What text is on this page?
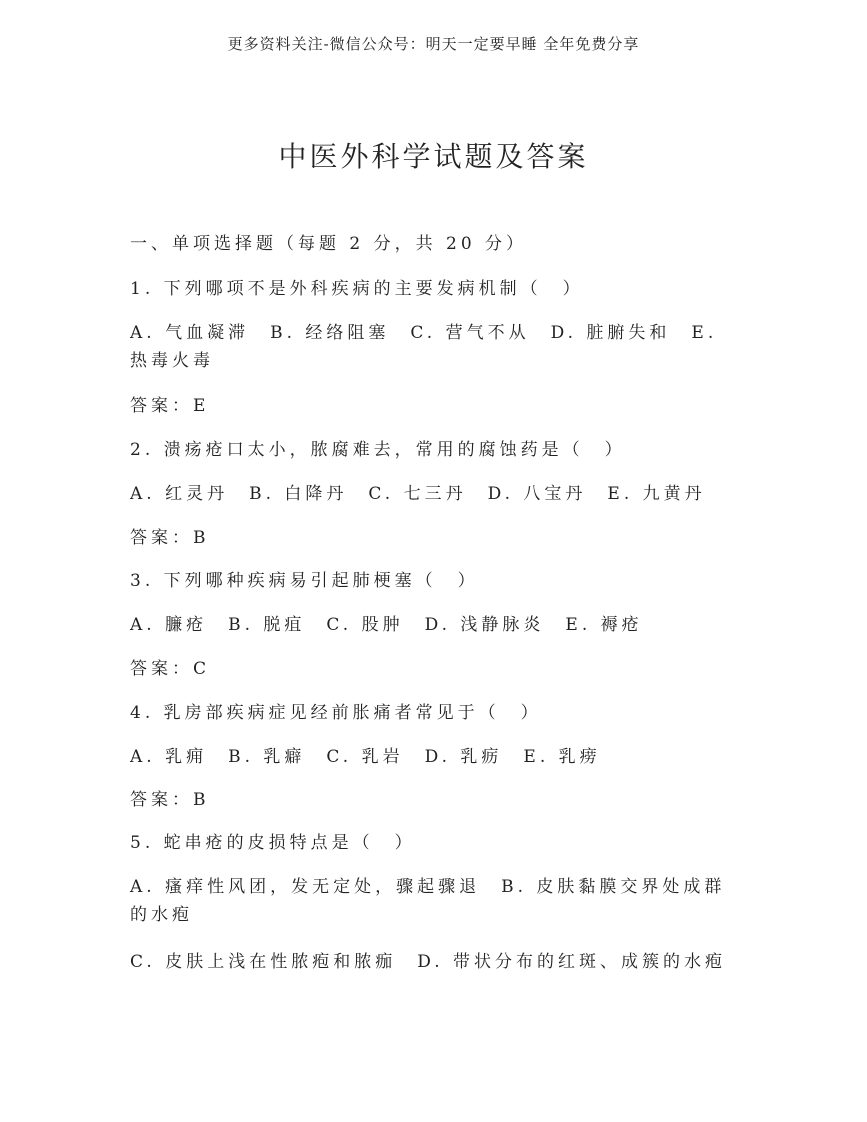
更多资料关注-微信公众号：明天一定要早睡 全年免费分享
中医外科学试题及答案
一、单项选择题（每题 2 分，共 20 分）
1. 下列哪项不是外科疾病的主要发病机制（　）
A. 气血凝滞　B. 经络阻塞　C. 营气不从　D. 脏腑失和　E. 热毒火毒
答案：E
2. 溃疡疮口太小，脓腐难去，常用的腐蚀药是（　）
A. 红灵丹　B. 白降丹　C. 七三丹　D. 八宝丹　E. 九黄丹
答案：B
3. 下列哪种疾病易引起肺梗塞（　）
A. 臁疮　B. 脱疽　C. 股肿　D. 浅静脉炎　E. 褥疮
答案：C
4. 乳房部疾病症见经前胀痛者常见于（　）
A. 乳痈　B. 乳癖　C. 乳岩　D. 乳疬　E. 乳痨
答案：B
5. 蛇串疮的皮损特点是（　）
A. 瘙痒性风团，发无定处，骤起骤退　B. 皮肤黏膜交界处成群的水疱
C. 皮肤上浅在性脓疱和脓痂　D. 带状分布的红斑、成簇的水疱
